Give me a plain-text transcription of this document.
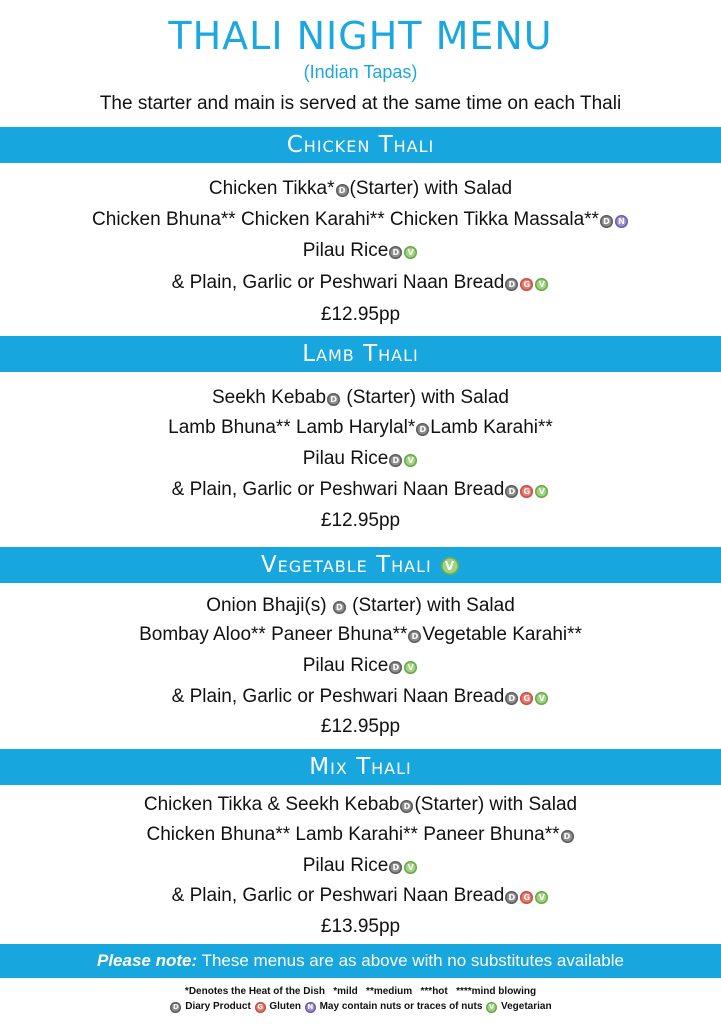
THALI NIGHT MENU
(Indian Tapas)
The starter and main is served at the same time on each Thali
Chicken Thali
Chicken Tikka* D (Starter) with Salad
Chicken Bhuna** Chicken Karahi** Chicken Tikka Massala** D N
Pilau Rice D V
& Plain, Garlic or Peshwari Naan Bread D G V
£12.95pp
Lamb Thali
Seekh Kebab D (Starter) with Salad
Lamb Bhuna** Lamb Harylal* D Lamb Karahi**
Pilau Rice D V
& Plain, Garlic or Peshwari Naan Bread D G V
£12.95pp
Vegetable Thali V
Onion Bhaji(s) D (Starter) with Salad
Bombay Aloo** Paneer Bhuna** D Vegetable Karahi**
Pilau Rice D V
& Plain, Garlic or Peshwari Naan Bread D G V
£12.95pp
Mix Thali
Chicken Tikka & Seekh Kebab D (Starter) with Salad
Chicken Bhuna** Lamb Karahi** Paneer Bhuna** D
Pilau Rice D V
& Plain, Garlic or Peshwari Naan Bread D G V
£13.95pp
Please note: These menus are as above with no substitutes available
*Denotes the Heat of the Dish   *mild   **medium   ***hot   ****mind blowing
D Diary Product G Gluten N May contain nuts or traces of nuts V Vegetarian
